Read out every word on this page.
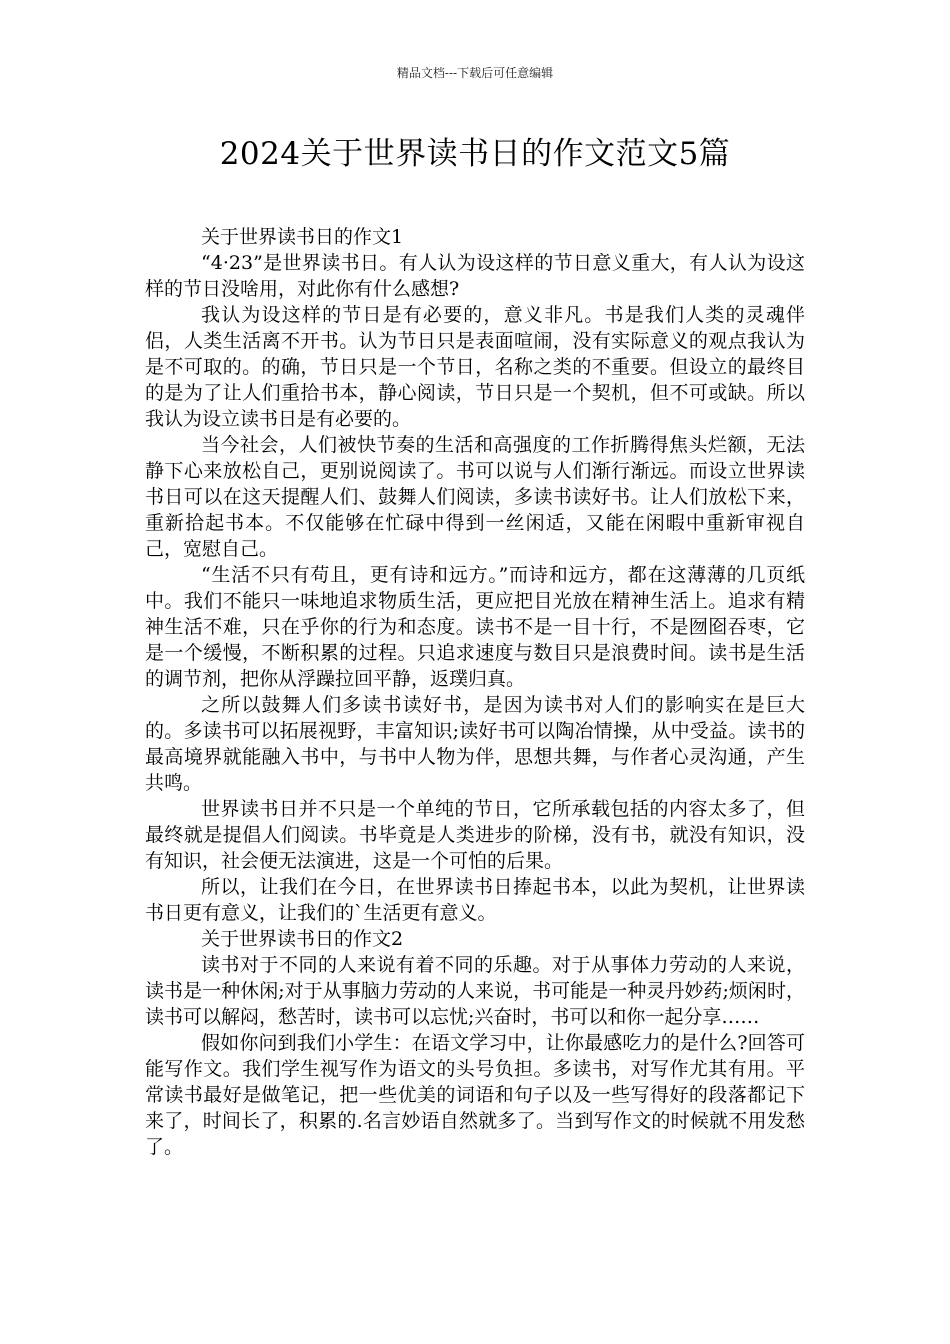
精品文档---下载后可任意编辑
2024关于世界读书日的作文范文5篇

关于世界读书日的作文1

“4·23”是世界读书日。有人认为设这样的节日意义重大，有人认为设这样的节日没啥用，对此你有什么感想?

我认为设这样的节日是有必要的，意义非凡。书是我们人类的灵魂伴侣，人类生活离不开书。认为节日只是表面喧闹，没有实际意义的观点我认为是不可取的。的确，节日只是一个节日，名称之类的不重要。但设立的最终目的是为了让人们重拾书本，静心阅读，节日只是一个契机，但不可或缺。所以我认为设立读书日是有必要的。

当今社会，人们被快节奏的生活和高强度的工作折腾得焦头烂额，无法静下心来放松自己，更别说阅读了。书可以说与人们渐行渐远。而设立世界读书日可以在这天提醒人们、鼓舞人们阅读，多读书读好书。让人们放松下来，重新拾起书本。不仅能够在忙碌中得到一丝闲适，又能在闲暇中重新审视自己，宽慰自己。

“生活不只有苟且，更有诗和远方。”而诗和远方，都在这薄薄的几页纸中。我们不能只一味地追求物质生活，更应把目光放在精神生活上。追求有精神生活不难，只在乎你的行为和态度。读书不是一目十行，不是囫囵吞枣，它是一个缓慢，不断积累的过程。只追求速度与数目只是浪费时间。读书是生活的调节剂，把你从浮躁拉回平静，返璞归真。

之所以鼓舞人们多读书读好书，是因为读书对人们的影响实在是巨大的。多读书可以拓展视野，丰富知识;读好书可以陶冶情操，从中受益。读书的最高境界就能融入书中，与书中人物为伴，思想共舞，与作者心灵沟通，产生共鸣。

世界读书日并不只是一个单纯的节日，它所承载包括的内容太多了，但最终就是提倡人们阅读。书毕竟是人类进步的阶梯，没有书，就没有知识，没有知识，社会便无法演进，这是一个可怕的后果。

所以，让我们在今日，在世界读书日捧起书本，以此为契机，让世界读书日更有意义，让我们的`生活更有意义。

关于世界读书日的作文2

读书对于不同的人来说有着不同的乐趣。对于从事体力劳动的人来说，读书是一种休闲;对于从事脑力劳动的人来说，书可能是一种灵丹妙药;烦闲时，读书可以解闷，愁苦时，读书可以忘忧;兴奋时，书可以和你一起分享……

假如你问到我们小学生：在语文学习中，让你最感吃力的是什么?回答可能写作文。我们学生视写作为语文的头号负担。多读书，对写作尤其有用。平常读书最好是做笔记，把一些优美的词语和句子以及一些写得好的段落都记下来了，时间长了，积累的.名言妙语自然就多了。当到写作文的时候就不用发愁了。
